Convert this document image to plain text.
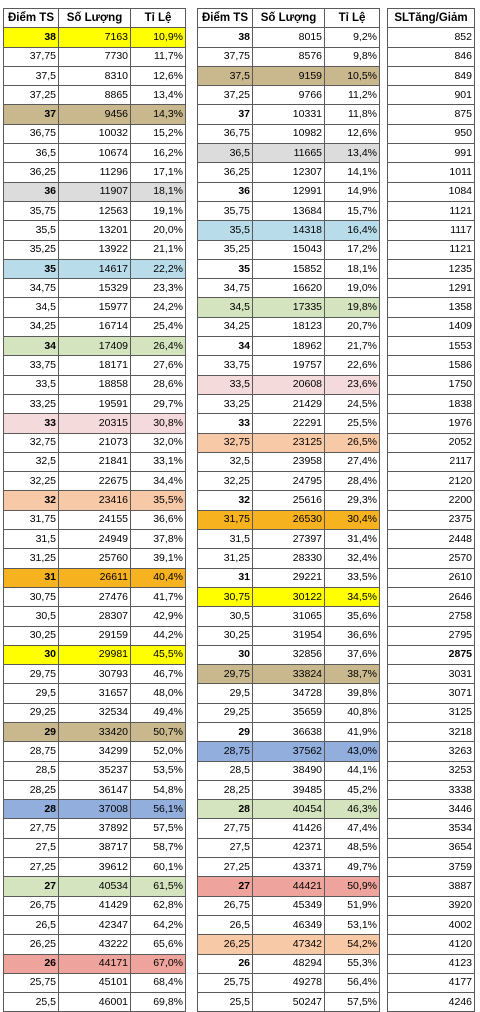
Điểm TS	Số Lượng	Tỉ Lệ
38	7163	10,9%
37,75	7730	11,7%
37,5	8310	12,6%
37,25	8865	13,4%
37	9456	14,3%
36,75	10032	15,2%
36,5	10674	16,2%
36,25	11296	17,1%
36	11907	18,1%
35,75	12563	19,1%
35,5	13201	20,0%
35,25	13922	21,1%
35	14617	22,2%
34,75	15329	23,3%
34,5	15977	24,2%
34,25	16714	25,4%
34	17409	26,4%
33,75	18171	27,6%
33,5	18858	28,6%
33,25	19591	29,7%
33	20315	30,8%
32,75	21073	32,0%
32,5	21841	33,1%
32,25	22675	34,4%
32	23416	35,5%
31,75	24155	36,6%
31,5	24949	37,8%
31,25	25760	39,1%
31	26611	40,4%
30,75	27476	41,7%
30,5	28307	42,9%
30,25	29159	44,2%
30	29981	45,5%
29,75	30793	46,7%
29,5	31657	48,0%
29,25	32534	49,4%
29	33420	50,7%
28,75	34299	52,0%
28,5	35237	53,5%
28,25	36147	54,8%
28	37008	56,1%
27,75	37892	57,5%
27,5	38717	58,7%
27,25	39612	60,1%
27	40534	61,5%
26,75	41429	62,8%
26,5	42347	64,2%
26,25	43222	65,6%
26	44171	67,0%
25,75	45101	68,4%
25,5	46001	69,8%
Điểm TS	Số Lượng	Tỉ Lệ
38	8015	9,2%
37,75	8576	9,8%
37,5	9159	10,5%
37,25	9766	11,2%
37	10331	11,8%
36,75	10982	12,6%
36,5	11665	13,4%
36,25	12307	14,1%
36	12991	14,9%
35,75	13684	15,7%
35,5	14318	16,4%
35,25	15043	17,2%
35	15852	18,1%
34,75	16620	19,0%
34,5	17335	19,8%
34,25	18123	20,7%
34	18962	21,7%
33,75	19757	22,6%
33,5	20608	23,6%
33,25	21429	24,5%
33	22291	25,5%
32,75	23125	26,5%
32,5	23958	27,4%
32,25	24795	28,4%
32	25616	29,3%
31,75	26530	30,4%
31,5	27397	31,4%
31,25	28330	32,4%
31	29221	33,5%
30,75	30122	34,5%
30,5	31065	35,6%
30,25	31954	36,6%
30	32856	37,6%
29,75	33824	38,7%
29,5	34728	39,8%
29,25	35659	40,8%
29	36638	41,9%
28,75	37562	43,0%
28,5	38490	44,1%
28,25	39485	45,2%
28	40454	46,3%
27,75	41426	47,4%
27,5	42371	48,5%
27,25	43371	49,7%
27	44421	50,9%
26,75	45349	51,9%
26,5	46349	53,1%
26,25	47342	54,2%
26	48294	55,3%
25,75	49278	56,4%
25,5	50247	57,5%
SLTăng/Giảm
852
846
849
901
875
950
991
1011
1084
1121
1117
1121
1235
1291
1358
1409
1553
1586
1750
1838
1976
2052
2117
2120
2200
2375
2448
2570
2610
2646
2758
2795
2875
3031
3071
3125
3218
3263
3253
3338
3446
3534
3654
3759
3887
3920
4002
4120
4123
4177
4246
